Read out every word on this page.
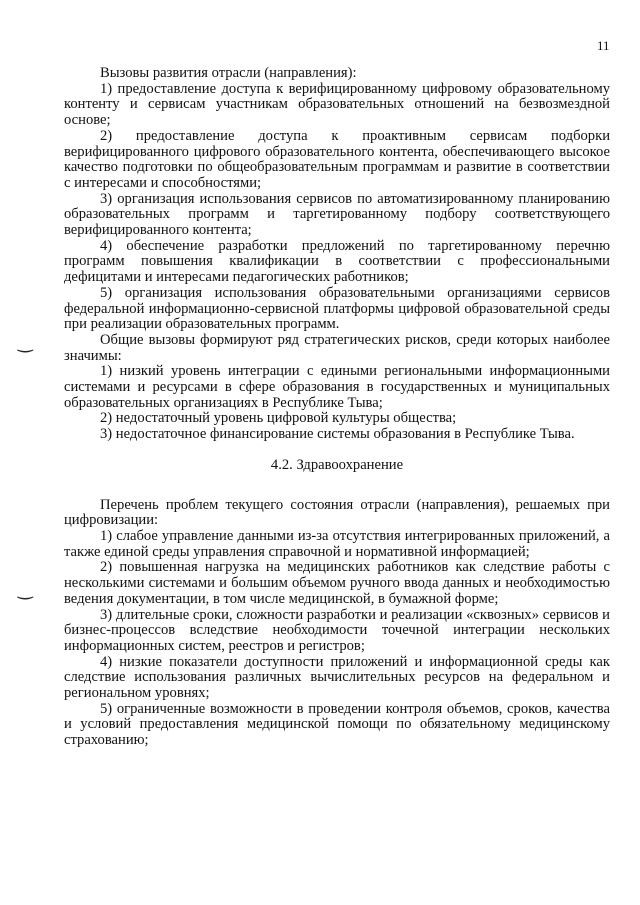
11
‿
‿

Вызовы развития отрасли (направления):

1) предоставление доступа к верифицированному цифровому образовательному контенту и сервисам участникам образовательных отношений на безвозмездной основе;

2) предоставление доступа к проактивным сервисам подборки верифицированного цифрового образовательного контента, обеспечивающего высокое качество подготовки по общеобразовательным программам и развитие в соответствии с интересами и способностями;

3) организация использования сервисов по автоматизированному планированию образовательных программ и таргетированному подбору соответствующего верифицированного контента;

4) обеспечение разработки предложений по таргетированному перечню программ повышения квалификации в соответствии с профессиональными дефицитами и интересами педагогических работников;

5) организация использования образовательными организациями сервисов федеральной информационно-сервисной платформы цифровой образовательной среды при реализации образовательных программ.

Общие вызовы формируют ряд стратегических рисков, среди которых наиболее значимы:

1) низкий уровень интеграции с едиными региональными информационными системами и ресурсами в сфере образования в государственных и муниципальных образовательных организациях в Республике Тыва;

2) недостаточный уровень цифровой культуры общества;

3) недостаточное финансирование системы образования в Республике Тыва.

4.2. Здравоохранение

Перечень проблем текущего состояния отрасли (направления), решаемых при цифровизации:

1) слабое управление данными из-за отсутствия интегрированных приложений, а также единой среды управления справочной и нормативной информацией;

2) повышенная нагрузка на медицинских работников как следствие работы с несколькими системами и большим объемом ручного ввода данных и необходимостью ведения документации, в том числе медицинской, в бумажной форме;

3) длительные сроки, сложности разработки и реализации «сквозных» сервисов и бизнес-процессов вследствие необходимости точечной интеграции нескольких информационных систем, реестров и регистров;

4) низкие показатели доступности приложений и информационной среды как следствие использования различных вычислительных ресурсов на федеральном и региональном уровнях;

5) ограниченные возможности в проведении контроля объемов, сроков, качества и условий предоставления медицинской помощи по обязательному медицинскому страхованию;
